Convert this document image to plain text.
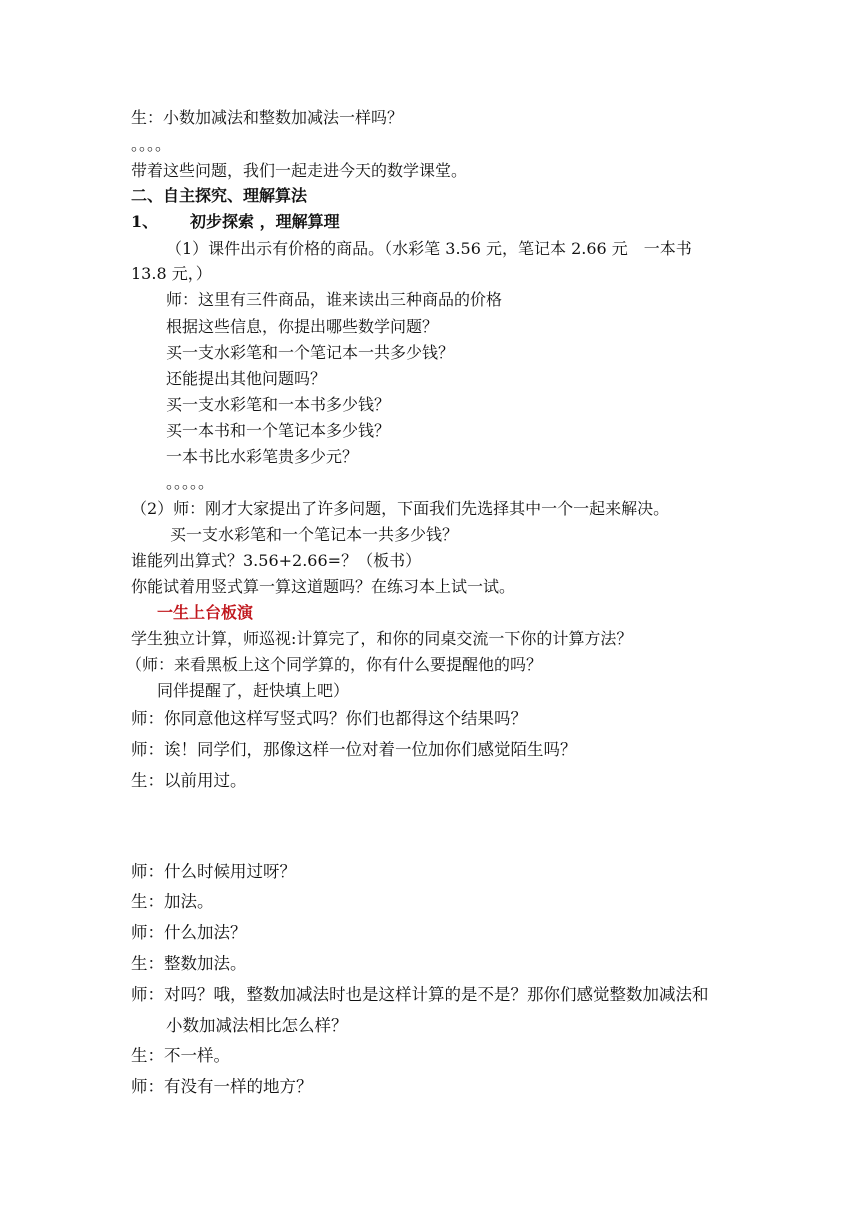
生：小数加减法和整数加减法一样吗？
。。。。
带着这些问题，我们一起走进今天的数学课堂。
二、自主探究、理解算法
1、 初步探索 ，理解算理
（1）课件出示有价格的商品。（水彩笔 3.56 元，笔记本 2.66 元　一本书
13.8 元，）
师：这里有三件商品，谁来读出三种商品的价格
根据这些信息，你提出哪些数学问题？
买一支水彩笔和一个笔记本一共多少钱？
还能提出其他问题吗？
买一支水彩笔和一本书多少钱？
买一本书和一个笔记本多少钱？
一本书比水彩笔贵多少元？
。。。。。
（2）师：刚才大家提出了许多问题，下面我们先选择其中一个一起来解决。
买一支水彩笔和一个笔记本一共多少钱？
谁能列出算式？3.56+2.66=？（板书）
你能试着用竖式算一算这道题吗？在练习本上试一试。
一生上台板演
学生独立计算，师巡视:计算完了，和你的同桌交流一下你的计算方法？
（师：来看黑板上这个同学算的，你有什么要提醒他的吗？
同伴提醒了，赶快填上吧）
师：你同意他这样写竖式吗？你们也都得这个结果吗？
师：诶！同学们，那像这样一位对着一位加你们感觉陌生吗？
生：以前用过。
师：什么时候用过呀？
生：加法。
师：什么加法？
生：整数加法。
师：对吗？哦，整数加减法时也是这样计算的是不是？那你们感觉整数加减法和
小数加减法相比怎么样？
生：不一样。
师：有没有一样的地方？
